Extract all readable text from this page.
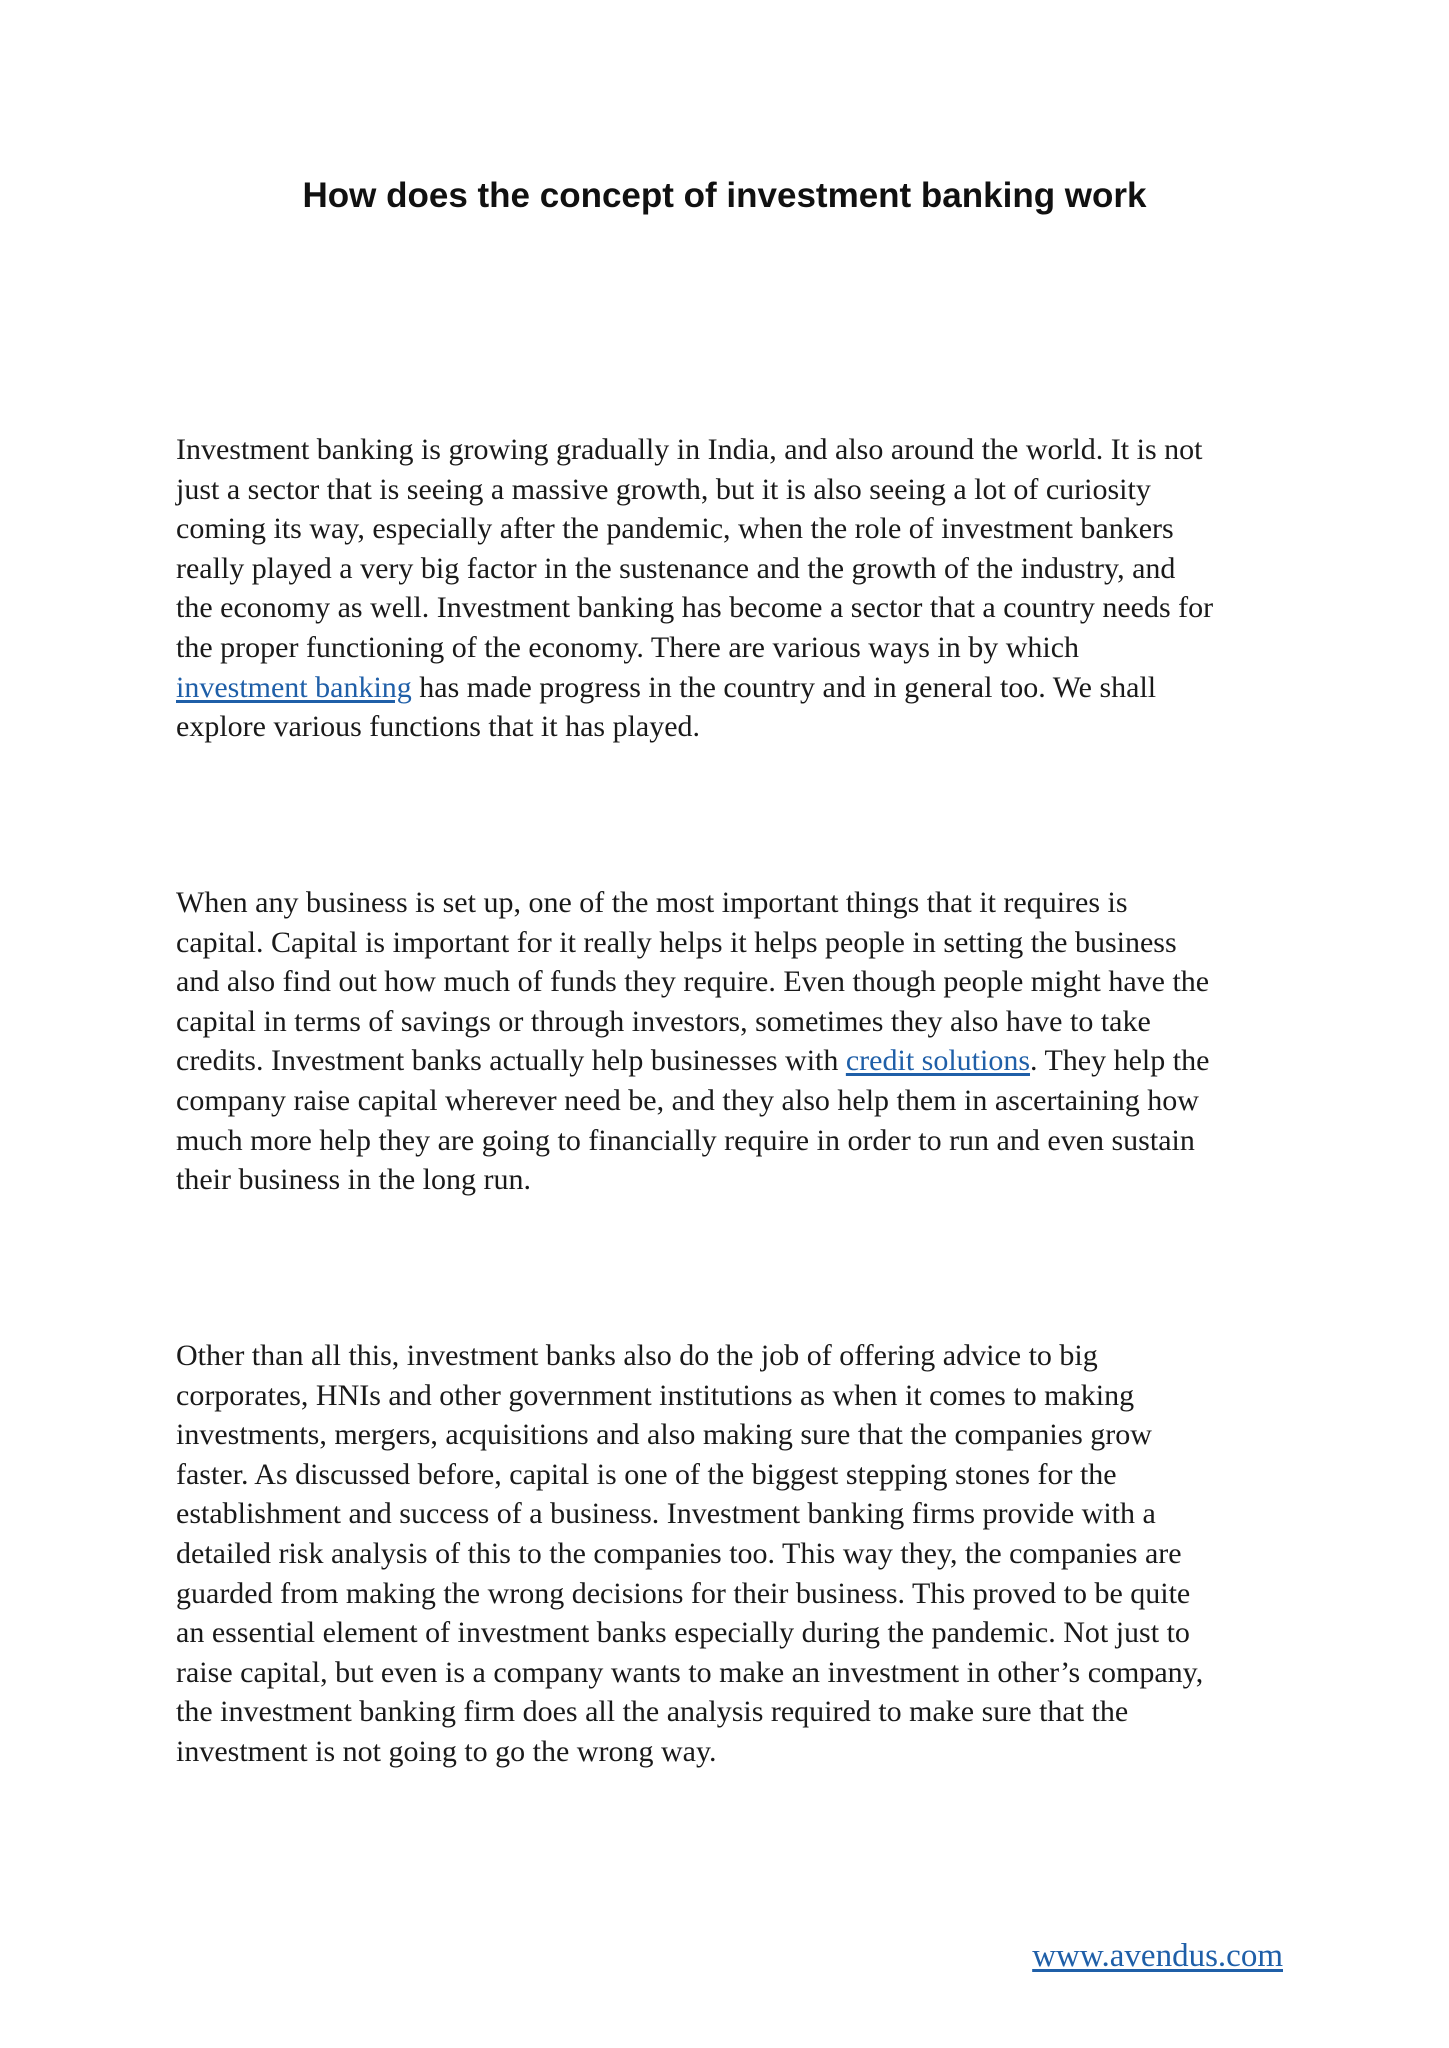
How does the concept of investment banking work

Investment banking is growing gradually in India, and also around the world. It is not
just a sector that is seeing a massive growth, but it is also seeing a lot of curiosity
coming its way, especially after the pandemic, when the role of investment bankers
really played a very big factor in the sustenance and the growth of the industry, and
the economy as well. Investment banking has become a sector that a country needs for
the proper functioning of the economy. There are various ways in by which
investment banking has made progress in the country and in general too. We shall
explore various functions that it has played.

When any business is set up, one of the most important things that it requires is
capital. Capital is important for it really helps it helps people in setting the business
and also find out how much of funds they require. Even though people might have the
capital in terms of savings or through investors, sometimes they also have to take
credits. Investment banks actually help businesses with credit solutions. They help the
company raise capital wherever need be, and they also help them in ascertaining how
much more help they are going to financially require in order to run and even sustain
their business in the long run.

Other than all this, investment banks also do the job of offering advice to big
corporates, HNIs and other government institutions as when it comes to making
investments, mergers, acquisitions and also making sure that the companies grow
faster. As discussed before, capital is one of the biggest stepping stones for the
establishment and success of a business. Investment banking firms provide with a
detailed risk analysis of this to the companies too. This way they, the companies are
guarded from making the wrong decisions for their business. This proved to be quite
an essential element of investment banks especially during the pandemic. Not just to
raise capital, but even is a company wants to make an investment in other’s company,
the investment banking firm does all the analysis required to make sure that the
investment is not going to go the wrong way.

www.avendus.com
